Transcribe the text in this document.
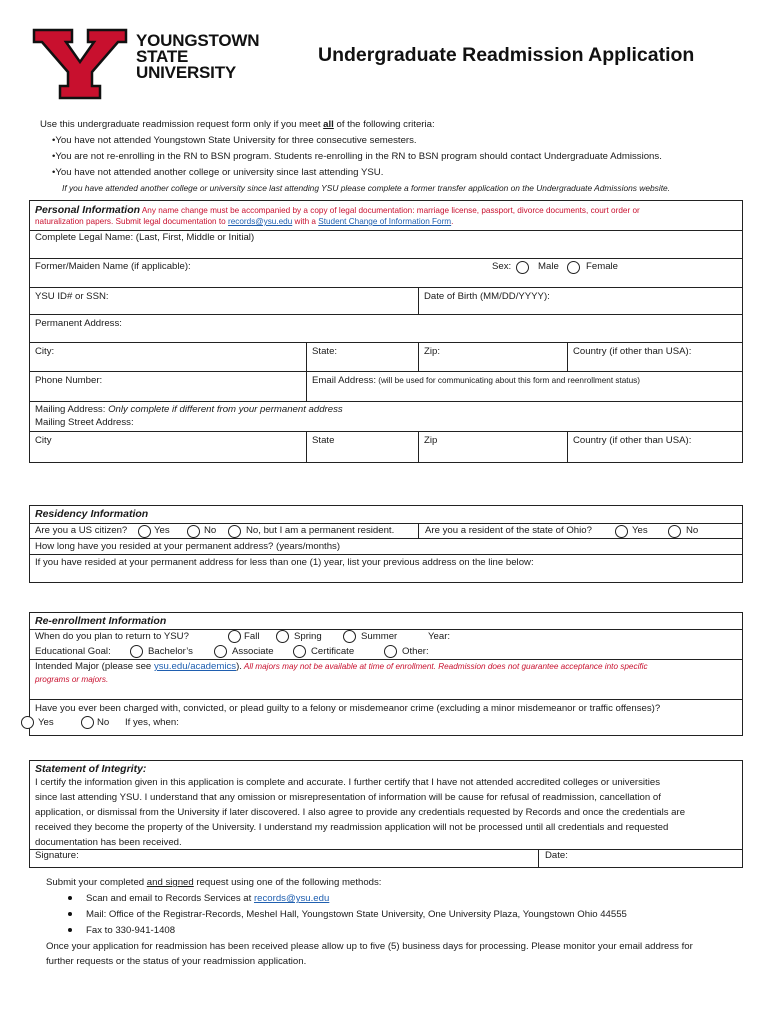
YOUNGSTOWN
STATE
UNIVERSITY
Undergraduate Readmission Application
Use this undergraduate readmission request form only if you meet all of the following criteria:
•You have not attended Youngstown State University for three consecutive semesters.
•You are not re-enrolling in the RN to BSN program. Students re-enrolling in the RN to BSN program should contact Undergraduate Admissions.
•You have not attended another college or university since last attending YSU.
If you have attended another college or university since last attending YSU please complete a former transfer application on the Undergraduate Admissions website.
Personal Information Any name change must be accompanied by a copy of legal documentation: marriage license, passport, divorce documents, court order or
naturalization papers. Submit legal documentation to records@ysu.edu with a Student Change of Information Form.
Complete Legal Name: (Last, First, Middle or Initial)
Former/Maiden Name (if applicable):	Sex:	Male	Female
YSU ID# or SSN:	Date of Birth (MM/DD/YYYY):
Permanent Address:
City:	State:	Zip:	Country (if other than USA):
Phone Number:	Email Address: (will be used for communicating about this form and reenrollment status)
Mailing Address: Only complete if different from your permanent address
Mailing Street Address:
City	State	Zip	Country (if other than USA):
Residency Information
Are you a US citizen?	Yes	No	No, but I am a permanent resident.	Are you a resident of the state of Ohio?	Yes	No
How long have you resided at your permanent address? (years/months)
If you have resided at your permanent address for less than one (1) year, list your previous address on the line below:
Re-enrollment Information
When do you plan to return to YSU?	Fall	Spring	Summer	Year:
Educational Goal:	Bachelor’s	Associate	Certificate	Other:
Intended Major (please see ysu.edu/academics). All majors may not be available at time of enrollment. Readmission does not guarantee acceptance into specific
programs or majors.
Have you ever been charged with, convicted, or plead guilty to a felony or misdemeanor crime (excluding a minor misdemeanor or traffic offenses)?
Yes	No If yes, when:
Statement of Integrity:
I certify the information given in this application is complete and accurate. I further certify that I have not attended accredited colleges or universities
since last attending YSU. I understand that any omission or misrepresentation of information will be cause for refusal of readmission, cancellation of
application, or dismissal from the University if later discovered. I also agree to provide any credentials requested by Records and once the credentials are
received they become the property of the University. I understand my readmission application will not be processed until all credentials and requested
documentation has been received.
Signature:	Date:
Submit your completed and signed request using one of the following methods:
Scan and email to Records Services at records@ysu.edu
Mail: Office of the Registrar-Records, Meshel Hall, Youngstown State University, One University Plaza, Youngstown Ohio 44555
Fax to 330-941-1408
Once your application for readmission has been received please allow up to five (5) business days for processing. Please monitor your email address for
further requests or the status of your readmission application.
